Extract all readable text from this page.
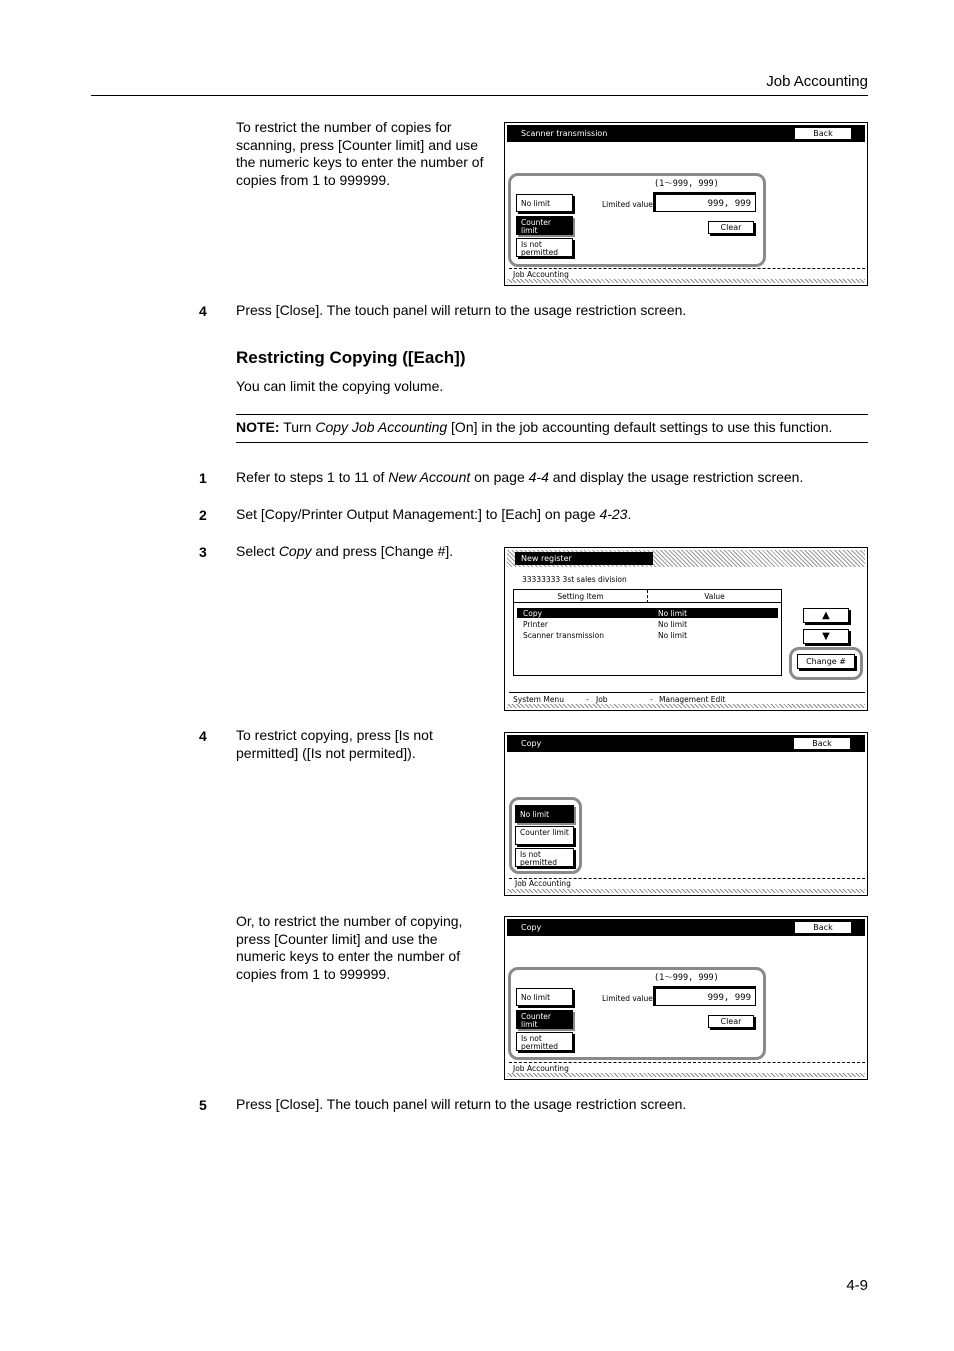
Job Accounting
To restrict the number of copies for scanning, press [Counter limit] and use the numeric keys to enter the number of copies from 1 to 999999.
Scanner transmission	Back
(1〜999, 999)
No limit
Counter limit
Is not permitted
Limited value	999, 999
Clear
Job Accounting
4 Press [Close]. The touch panel will return to the usage restriction screen.
Restricting Copying ([Each])
You can limit the copying volume.
NOTE: Turn Copy Job Accounting [On] in the job accounting default settings to use this function.
1 Refer to steps 1 to 11 of New Account on page 4-4 and display the usage restriction screen.
2 Set [Copy/Printer Output Management:] to [Each] on page 4-23.
3 Select Copy and press [Change #].	New register
33333333 3st sales division
Setting Item	Value
Copy	No limit
Printer	No limit
Scanner transmission	No limit
▲
▼
Change #
System Menu	- Job	- Management Edit
4 To restrict copying, press [Is not permitted] ([Is not permited]).
Copy	Back
No limit
Counter limit
Is not permitted
Job Accounting
Or, to restrict the number of copying, press [Counter limit] and use the numeric keys to enter the number of copies from 1 to 999999.
Copy	Back
(1〜999, 999)
No limit
Counter limit
Is not permitted
Limited value	999, 999
Clear
Job Accounting
5 Press [Close]. The touch panel will return to the usage restriction screen.
4-9
